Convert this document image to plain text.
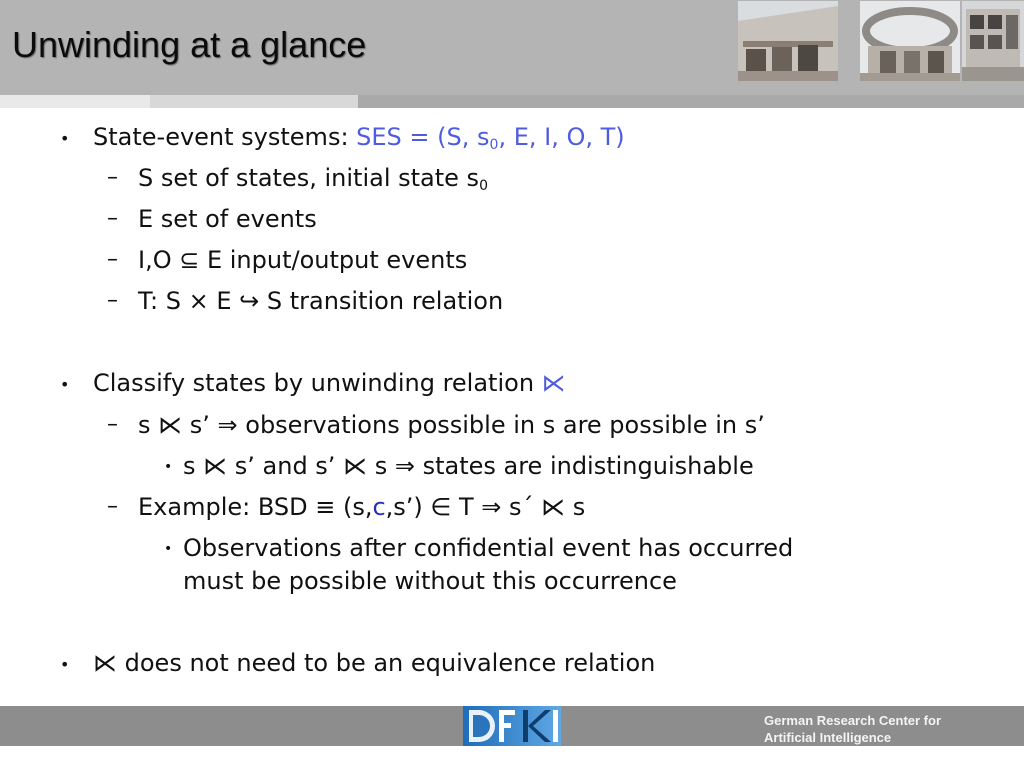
Unwinding at a glance
• State-event systems: SES = (S, $s_0$, E, I, O, T)
– S set of states, initial state $s_0$
– E set of events
– I,O ⊆ E input/output events
– T: S × E ↪ S transition relation
• Classify states by unwinding relation ⋉
– s ⋉ s’ ⇒ observations possible in s are possible in s’
• s ⋉ s’ and s’ ⋉ s ⇒ states are indistinguishable
– Example: BSD ≡ (s,c,s’) ∈ T ⇒ s´ ⋉ s
• Observations after confidential event has occurred
must be possible without this occurrence
• ⋉ does not need to be an equivalence relation
German Research Center for
Artificial Intelligence
